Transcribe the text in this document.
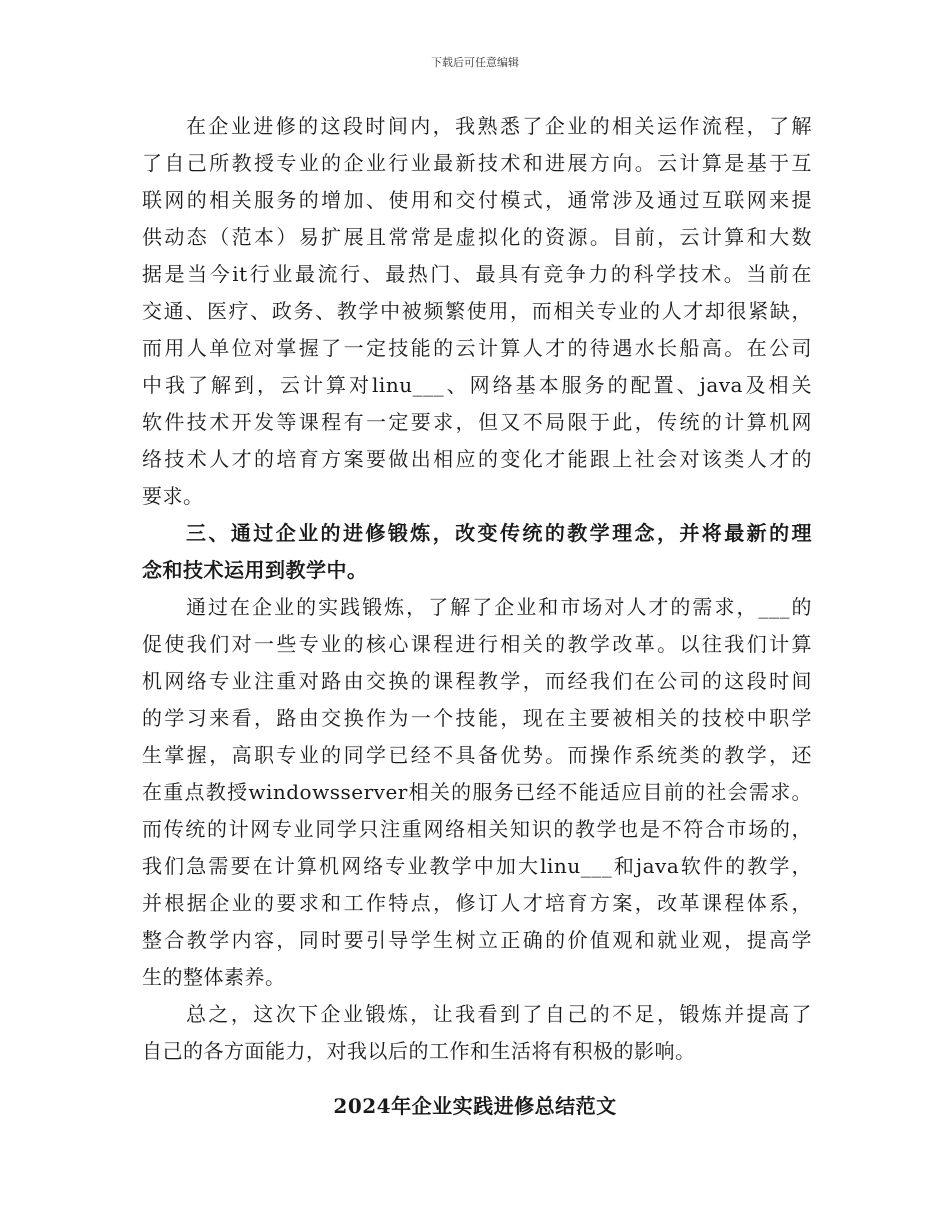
下载后可任意编辑
在企业进修的这段时间内，我熟悉了企业的相关运作流程，了解
了自己所教授专业的企业行业最新技术和进展方向。云计算是基于互
联网的相关服务的增加、使用和交付模式，通常涉及通过互联网来提
供动态（范本）易扩展且常常是虚拟化的资源。目前，云计算和大数
据是当今it行业最流行、最热门、最具有竞争力的科学技术。当前在
交通、医疗、政务、教学中被频繁使用，而相关专业的人才却很紧缺，
而用人单位对掌握了一定技能的云计算人才的待遇水长船高。在公司
中我了解到，云计算对linu___、网络基本服务的配置、java及相关
软件技术开发等课程有一定要求，但又不局限于此，传统的计算机网
络技术人才的培育方案要做出相应的变化才能跟上社会对该类人才的
要求。
三、通过企业的进修锻炼，改变传统的教学理念，并将最新的理
念和技术运用到教学中。
通过在企业的实践锻炼，了解了企业和市场对人才的需求，___的
促使我们对一些专业的核心课程进行相关的教学改革。以往我们计算
机网络专业注重对路由交换的课程教学，而经我们在公司的这段时间
的学习来看，路由交换作为一个技能，现在主要被相关的技校中职学
生掌握，高职专业的同学已经不具备优势。而操作系统类的教学，还
在重点教授windowsserver相关的服务已经不能适应目前的社会需求。
而传统的计网专业同学只注重网络相关知识的教学也是不符合市场的，
我们急需要在计算机网络专业教学中加大linu___和java软件的教学，
并根据企业的要求和工作特点，修订人才培育方案，改革课程体系，
整合教学内容，同时要引导学生树立正确的价值观和就业观，提高学
生的整体素养。
总之，这次下企业锻炼，让我看到了自己的不足，锻炼并提高了
自己的各方面能力，对我以后的工作和生活将有积极的影响。
2024年企业实践进修总结范文
